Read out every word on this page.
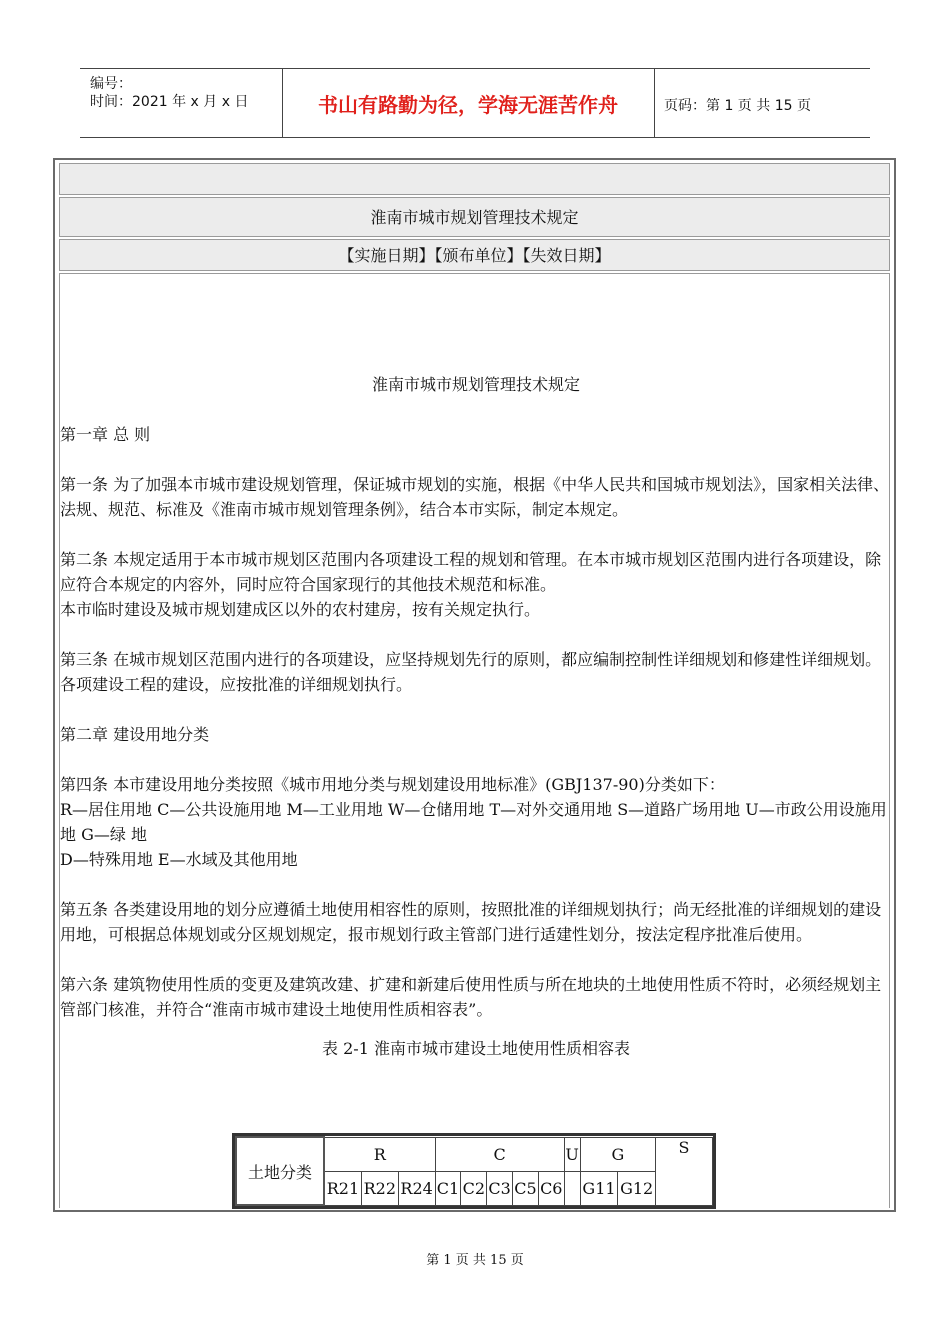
编号：
时间：2021 年 x 月 x 日	书山有路勤为径，学海无涯苦作舟	页码：第 1 页 共 15 页
淮南市城市规划管理技术规定
【实施日期】【颁布单位】【失效日期】

淮南市城市规划管理技术规定

第一章 总 则

第一条 为了加强本市城市建设规划管理，保证城市规划的实施，根据《中华人民共和国城市规划法》，国家相关法律、法规、规范、标准及《淮南市城市规划管理条例》，结合本市实际，制定本规定。

第二条 本规定适用于本市城市规划区范围内各项建设工程的规划和管理。在本市城市规划区范围内进行各项建设，除应符合本规定的内容外，同时应符合国家现行的其他技术规范和标准。

本市临时建设及城市规划建成区以外的农村建房，按有关规定执行。

第三条 在城市规划区范围内进行的各项建设，应坚持规划先行的原则，都应编制控制性详细规划和修建性详细规划。各项建设工程的建设，应按批准的详细规划执行。

第二章 建设用地分类

第四条 本市建设用地分类按照《城市用地分类与规划建设用地标准》(GBJ137-90)分类如下：

R—居住用地 C—公共设施用地 M—工业用地 W—仓储用地 T—对外交通用地 S—道路广场用地 U—市政公用设施用地 G—绿 地

D—特殊用地 E—水域及其他用地

第五条 各类建设用地的划分应遵循土地使用相容性的原则，按照批准的详细规划执行；尚无经批准的详细规划的建设用地，可根据总体规划或分区规划规定，报市规划行政主管部门进行适建性划分，按法定程序批准后使用。

第六条 建筑物使用性质的变更及建筑改建、扩建和新建后使用性质与所在地块的土地使用性质不符时，必须经规划主管部门核准，并符合“淮南市城市建设土地使用性质相容表”。

表 2-1 淮南市城市建设土地使用性质相容表

土地分类	R			C					U	G		S
	R21	R22	R24	C1	C2	C3	C5	C6		G11	G12	
第 1 页 共 15 页
